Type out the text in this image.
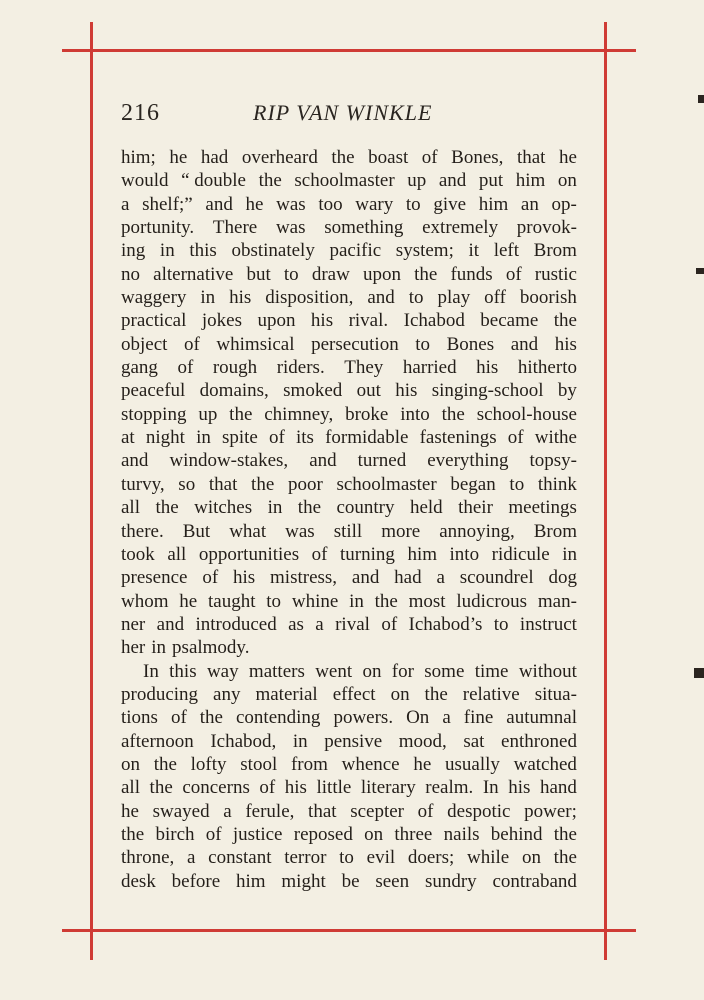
216	RIP VAN WINKLE
him; he had overheard the boast of Bones, that he
would “ double the schoolmaster up and put him on
a shelf;” and he was too wary to give him an op-
portunity. There was something extremely provok-
ing in this obstinately pacific system; it left Brom
no alternative but to draw upon the funds of rustic
waggery in his disposition, and to play off boorish
practical jokes upon his rival. Ichabod became the
object of whimsical persecution to Bones and his
gang of rough riders. They harried his hitherto
peaceful domains, smoked out his singing-school by
stopping up the chimney, broke into the school-house
at night in spite of its formidable fastenings of withe
and window-stakes, and turned everything topsy-
turvy, so that the poor schoolmaster began to think
all the witches in the country held their meetings
there. But what was still more annoying, Brom
took all opportunities of turning him into ridicule in
presence of his mistress, and had a scoundrel dog
whom he taught to whine in the most ludicrous man-
ner and introduced as a rival of Ichabod’s to instruct
her in psalmody.
In this way matters went on for some time without
producing any material effect on the relative situa-
tions of the contending powers. On a fine autumnal
afternoon Ichabod, in pensive mood, sat enthroned
on the lofty stool from whence he usually watched
all the concerns of his little literary realm. In his hand
he swayed a ferule, that scepter of despotic power;
the birch of justice reposed on three nails behind the
throne, a constant terror to evil doers; while on the
desk before him might be seen sundry contraband
